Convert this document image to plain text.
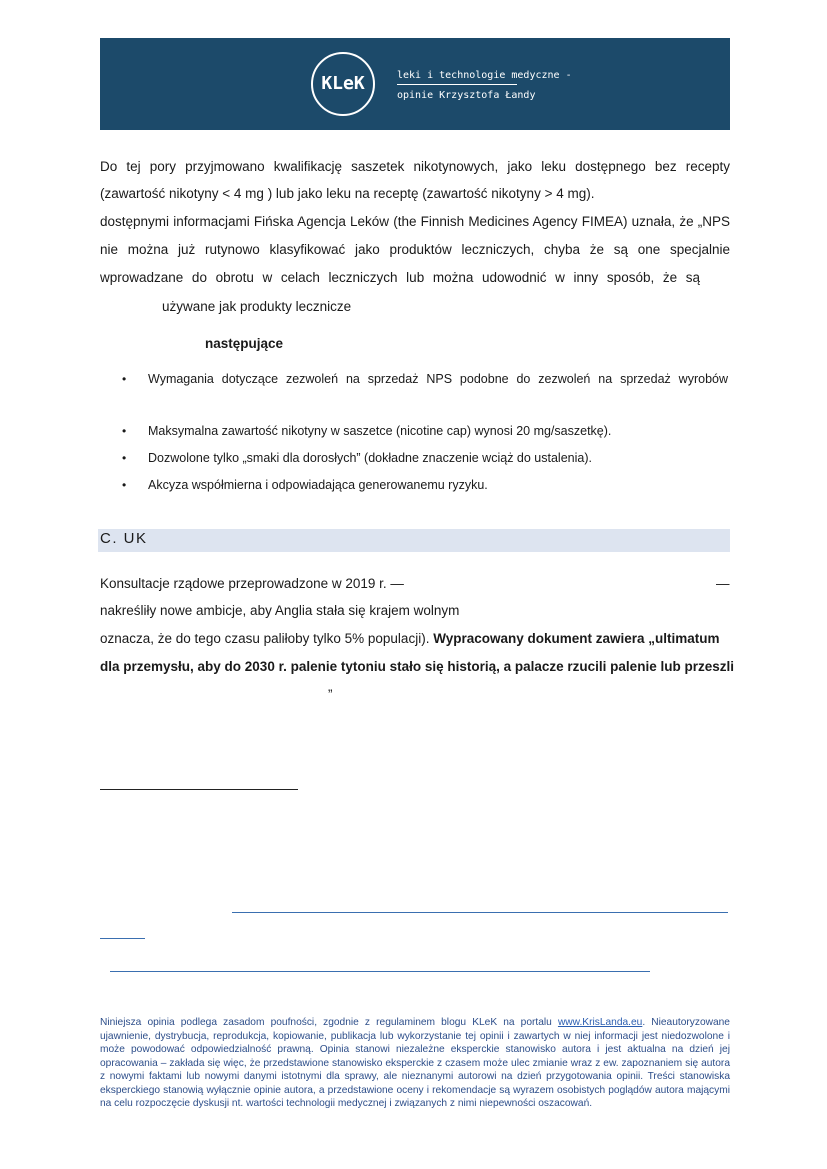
KLeK	leki i technologie medyczne -
opinie Krzysztofa Łandy
Do tej pory przyjmowano kwalifikację saszetek nikotynowych, jako leku dostępnego bez recepty
(zawartość nikotyny < 4 mg ) lub jako leku na receptę (zawartość nikotyny > 4 mg).
dostępnymi informacjami Fińska Agencja Leków (the Finnish Medicines Agency FIMEA) uznała, że „NPS
nie można już rutynowo klasyfikować jako produktów leczniczych, chyba że są one specjalnie
wprowadzane do obrotu w celach leczniczych lub można udowodnić w inny sposób, że są
używane jak produkty lecznicze
następujące
• Wymagania dotyczące zezwoleń na sprzedaż NPS podobne do zezwoleń na sprzedaż wyrobów
• Maksymalna zawartość nikotyny w saszetce (nicotine cap) wynosi 20 mg/saszetkę).
• Dozwolone tylko „smaki dla dorosłych” (dokładne znaczenie wciąż do ustalenia).
• Akcyza współmierna i odpowiadająca generowanemu ryzyku.
C. UK
Konsultacje rządowe przeprowadzone w 2019 r. —	—
nakreśliły nowe ambicje, aby Anglia stała się krajem wolnym
oznacza, że do tego czasu paliłoby tylko 5% populacji). Wypracowany dokument zawiera „ultimatum
dla przemysłu, aby do 2030 r. palenie tytoniu stało się historią, a palacze rzucili palenie lub przeszli
”
Niniejsza opinia podlega zasadom poufności, zgodnie z regulaminem blogu KLeK na portalu www.KrisLanda.eu. Nieautoryzowane ujawnienie, dystrybucja, reprodukcja, kopiowanie, publikacja lub wykorzystanie tej opinii i zawartych w niej informacji jest niedozwolone i może powodować odpowiedzialność prawną. Opinia stanowi niezależne eksperckie stanowisko autora i jest aktualna na dzień jej opracowania – zakłada się więc, że przedstawione stanowisko eksperckie z czasem może ulec zmianie wraz z ew. zapoznaniem się autora z nowymi faktami lub nowymi danymi istotnymi dla sprawy, ale nieznanymi autorowi na dzień przygotowania opinii. Treści stanowiska eksperckiego stanowią wyłącznie opinie autora, a przedstawione oceny i rekomendacje są wyrazem osobistych poglądów autora mającymi na celu rozpoczęcie dyskusji nt. wartości technologii medycznej i związanych z nimi niepewności oszacowań.
